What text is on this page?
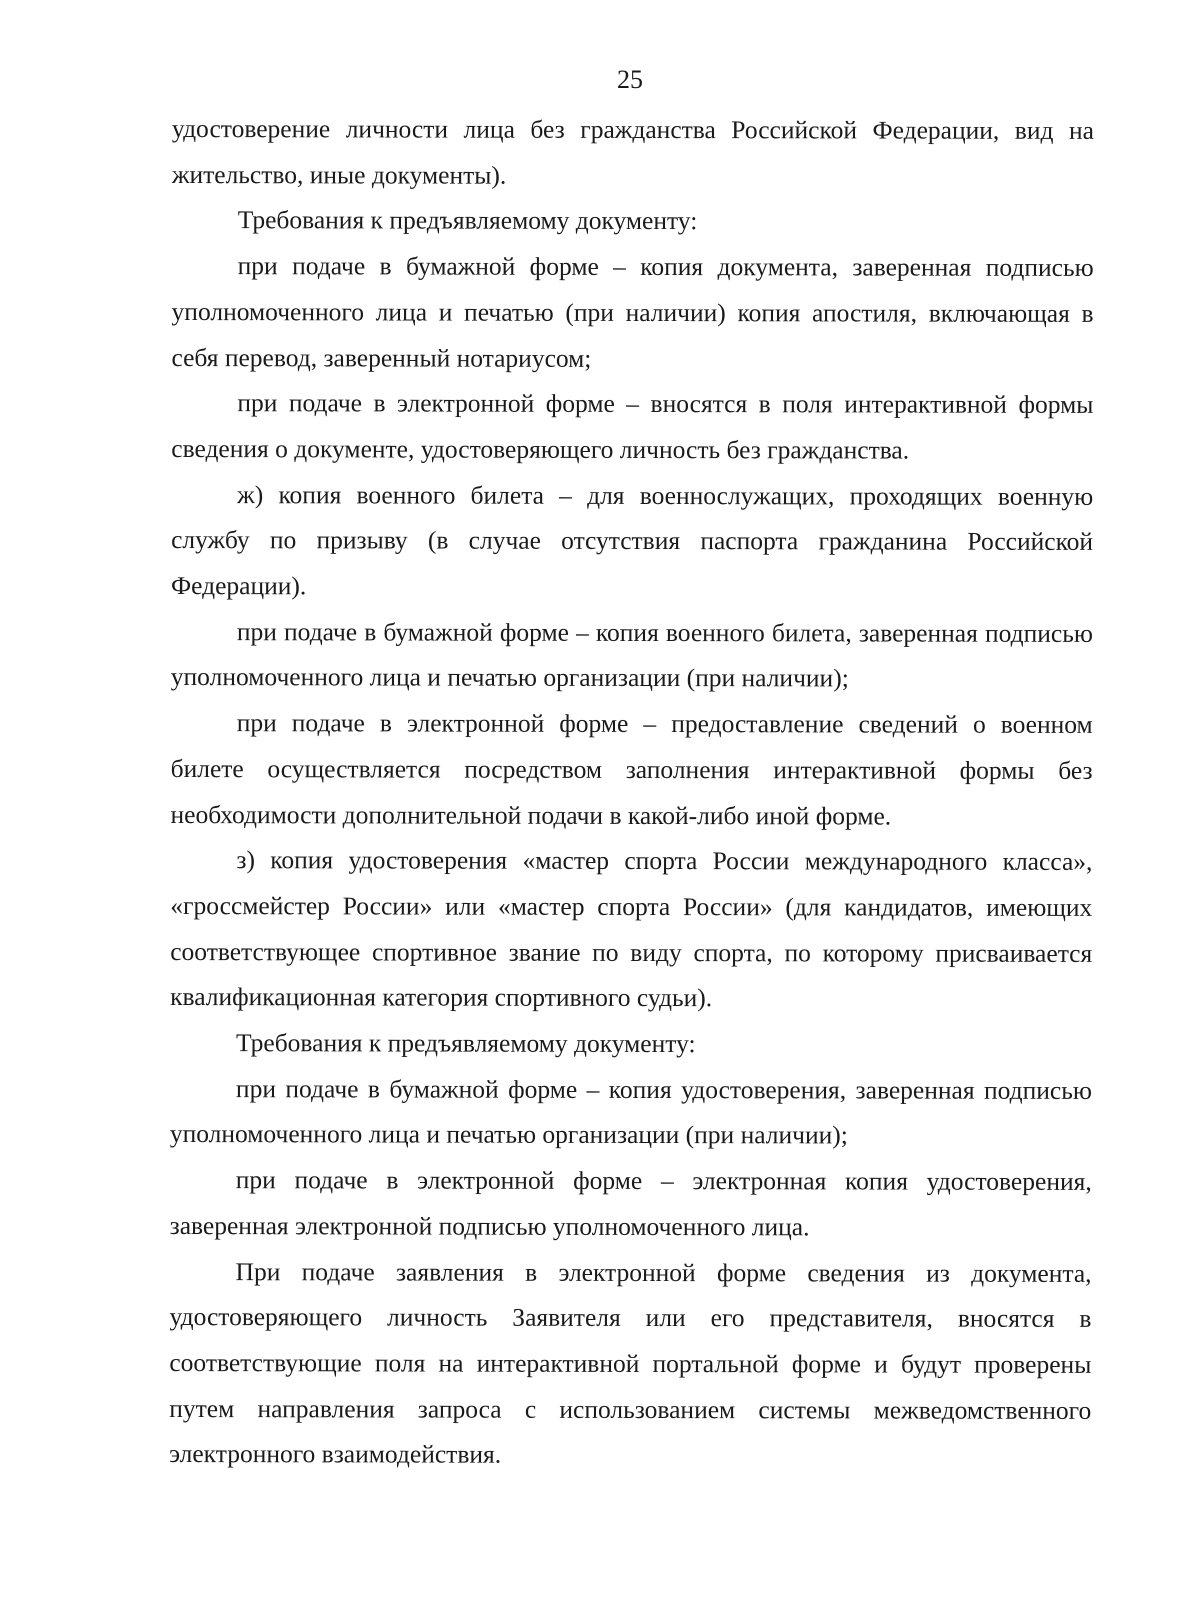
25

удостоверение личности лица без гражданства Российской Федерации, вид на жительство, иные документы).

Требования к предъявляемому документу:

при подаче в бумажной форме – копия документа, заверенная подписью уполномоченного лица и печатью (при наличии) копия апостиля, включающая в себя перевод, заверенный нотариусом;

при подаче в электронной форме – вносятся в поля интерактивной формы сведения о документе, удостоверяющего личность без гражданства.

ж) копия военного билета – для военнослужащих, проходящих военную службу по призыву (в случае отсутствия паспорта гражданина Российской Федерации).

при подаче в бумажной форме – копия военного билета, заверенная подписью уполномоченного лица и печатью организации (при наличии);

при подаче в электронной форме – предоставление сведений о военном билете осуществляется посредством заполнения интерактивной формы без необходимости дополнительной подачи в какой-либо иной форме.

з) копия удостоверения «мастер спорта России международного класса», «гроссмейстер России» или «мастер спорта России» (для кандидатов, имеющих соответствующее спортивное звание по виду спорта, по которому присваивается квалификационная категория спортивного судьи).

Требования к предъявляемому документу:

при подаче в бумажной форме – копия удостоверения, заверенная подписью уполномоченного лица и печатью организации (при наличии);

при подаче в электронной форме – электронная копия удостоверения, заверенная электронной подписью уполномоченного лица.

При подаче заявления в электронной форме сведения из документа, удостоверяющего личность Заявителя или его представителя, вносятся в соответствующие поля на интерактивной портальной форме и будут проверены путем направления запроса с использованием системы межведомственного электронного взаимодействия.
